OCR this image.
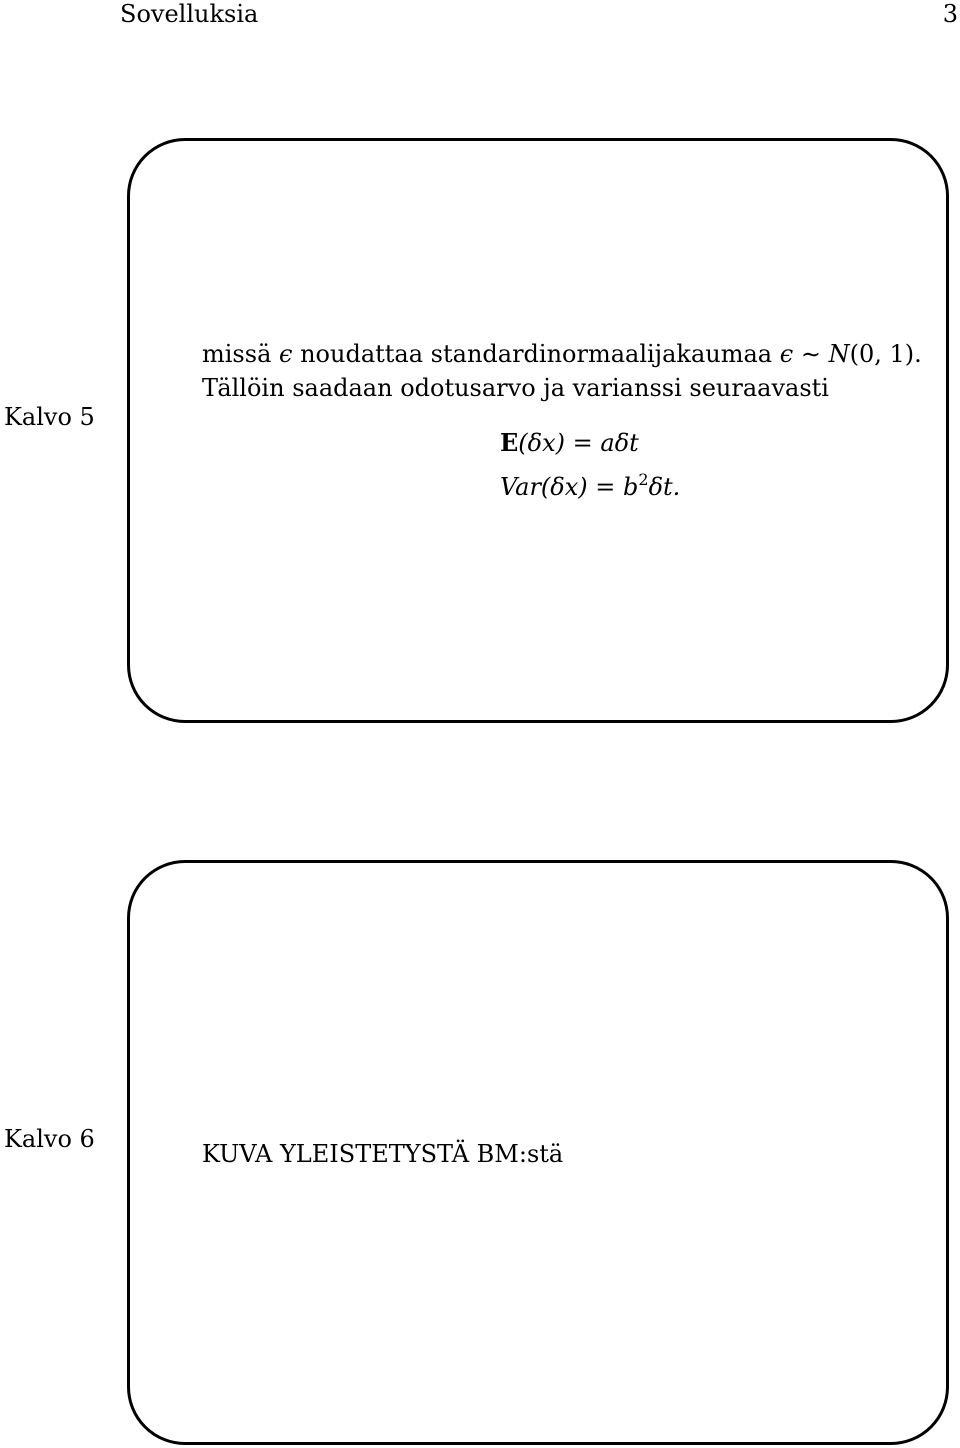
Sovelluksia	3
Kalvo 5
missä ϵ noudattaa standardinormaalijakaumaa ϵ ∼ N(0, 1).
Tällöin saadaan odotusarvo ja varianssi seuraavasti
E(δx) = aδt
$Var(\delta x) = b^2\delta t$.
Kalvo 6
KUVA YLEISTETYSTÄ BM:stä
